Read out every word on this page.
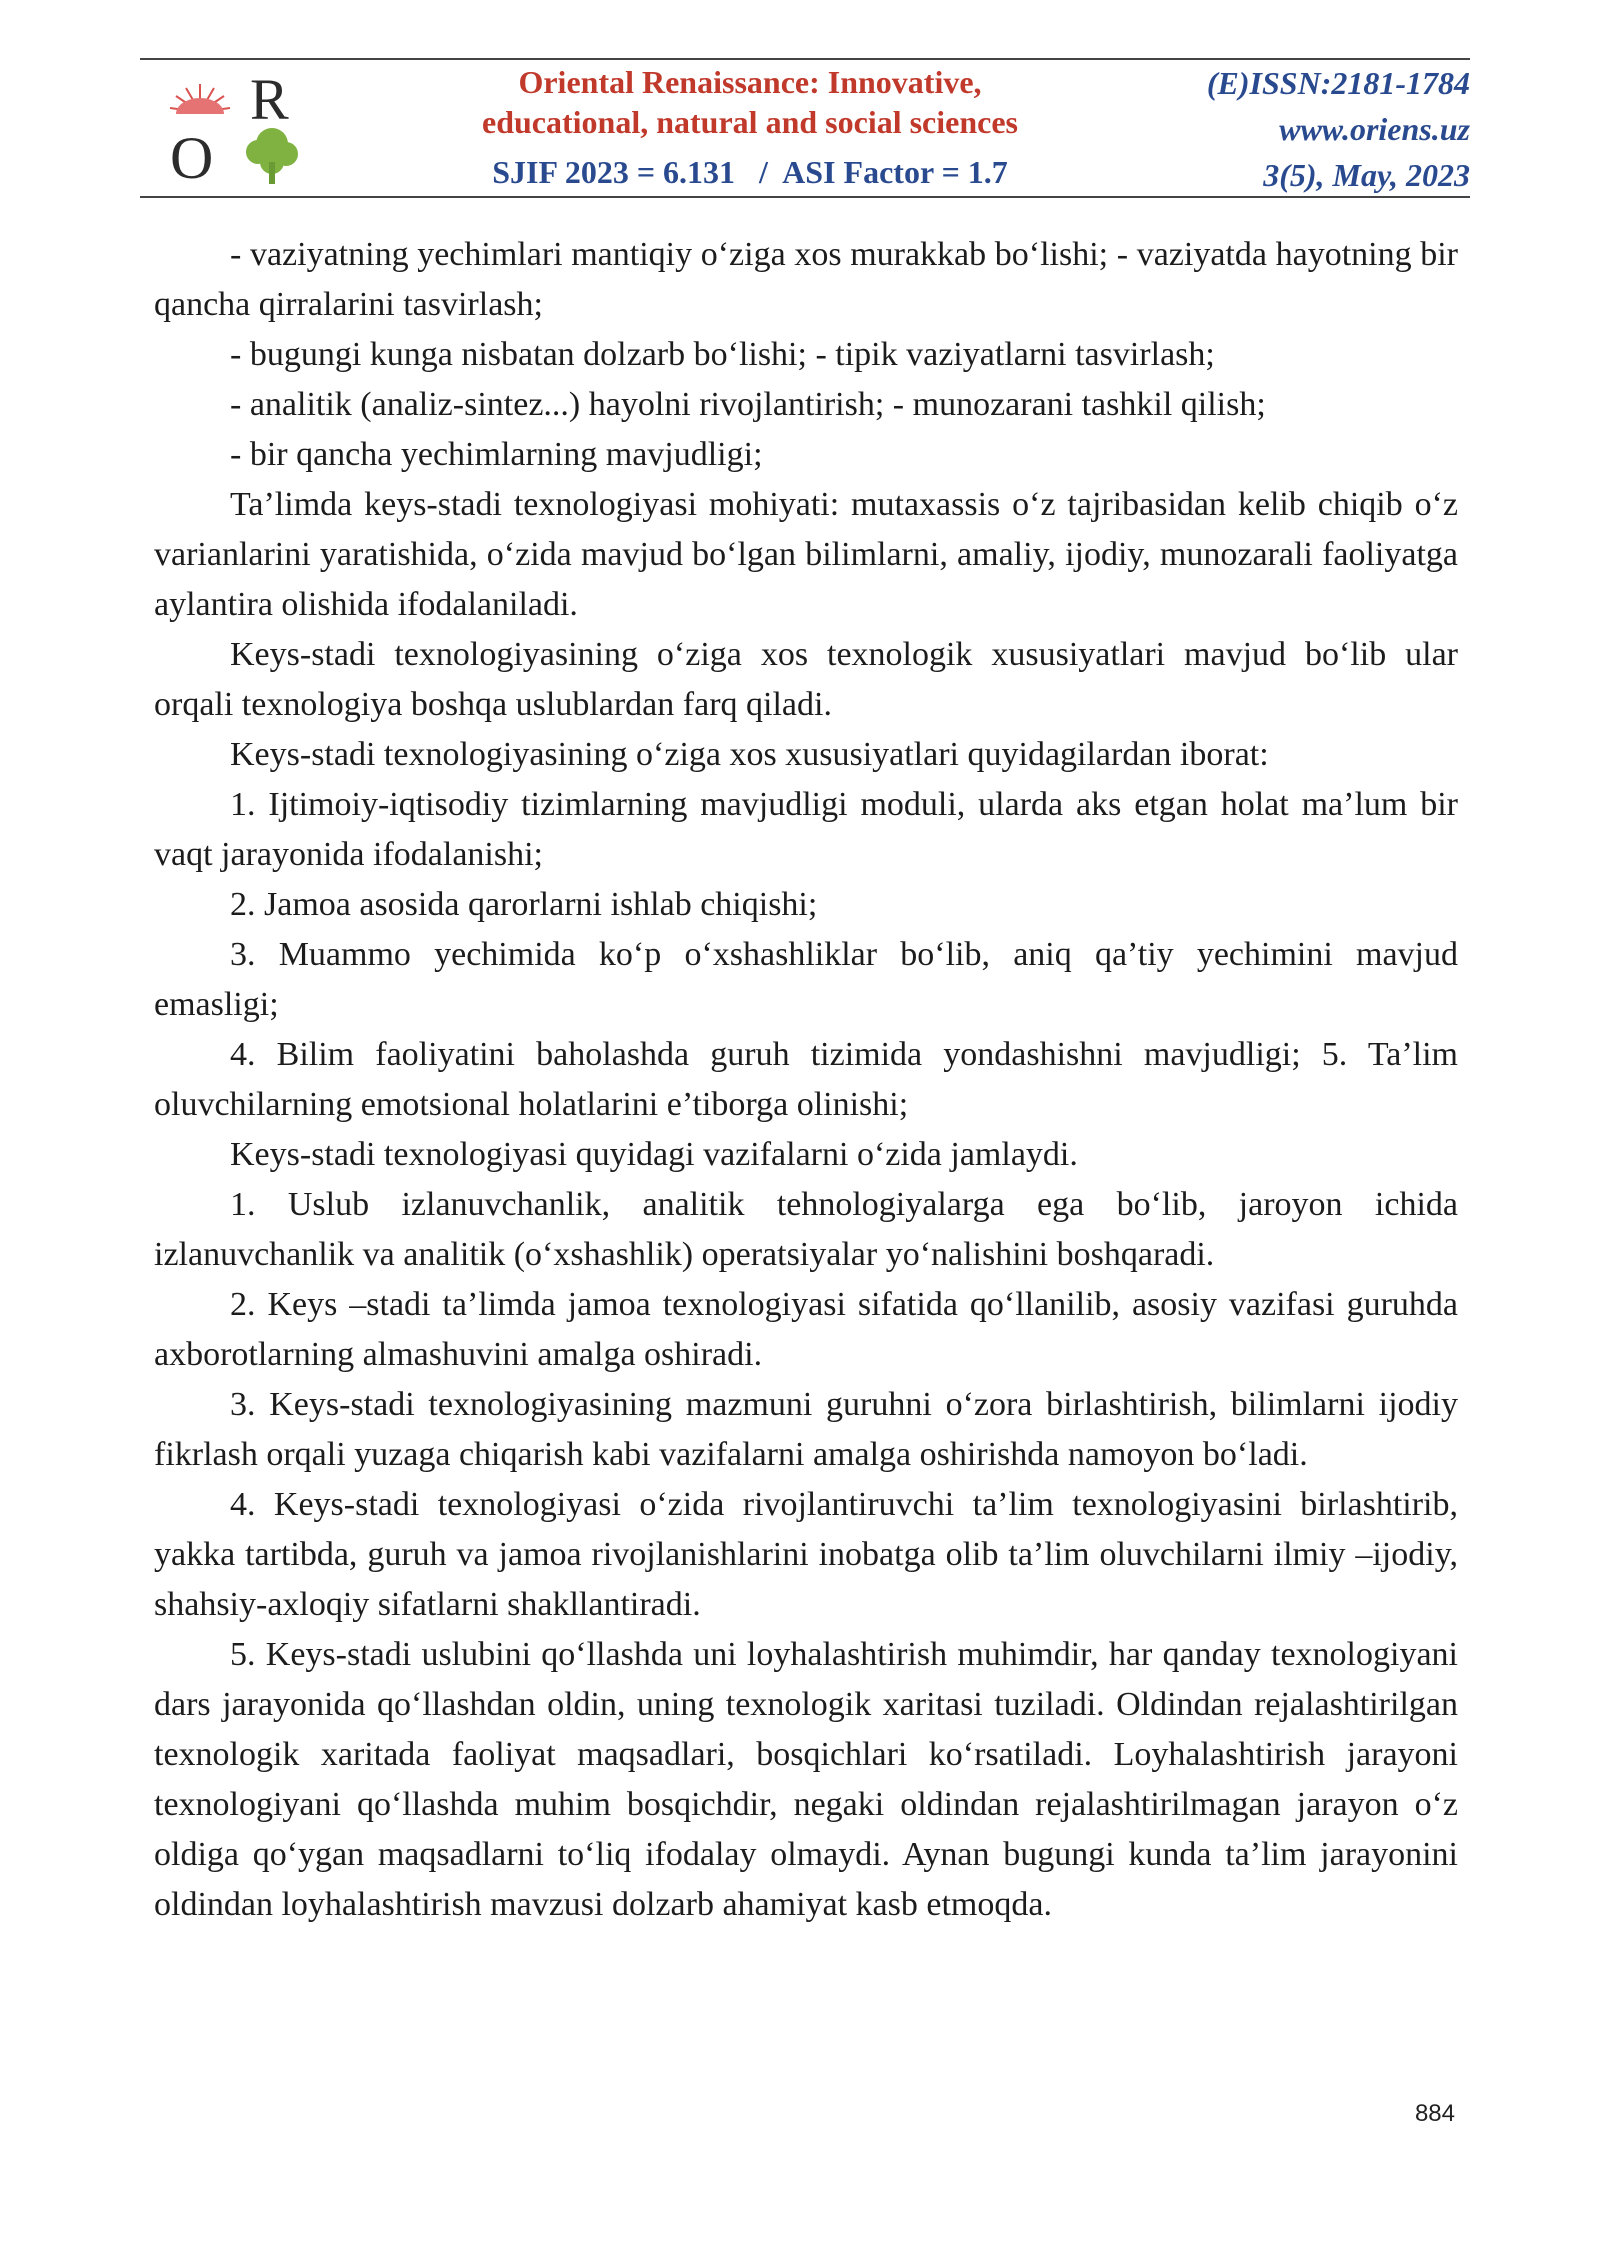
R
O
Oriental Renaissance: Innovative,
educational, natural and social sciences
SJIF 2023 = 6.131   /  ASI Factor = 1.7
(E)ISSN:2181-1784
www.oriens.uz
3(5), May, 2023

- vaziyatning yechimlari mantiqiy o‘ziga xos murakkab bo‘lishi; - vaziyatda hayotning bir qancha qirralarini tasvirlash;

- bugungi kunga nisbatan dolzarb bo‘lishi; - tipik vaziyatlarni tasvirlash;

- analitik (analiz-sintez...) hayolni rivojlantirish; - munozarani tashkil qilish;

- bir qancha yechimlarning mavjudligi;

Ta’limda keys-stadi texnologiyasi mohiyati: mutaxassis o‘z tajribasidan kelib chiqib o‘z varianlarini yaratishida, o‘zida mavjud bo‘lgan bilimlarni, amaliy, ijodiy, munozarali faoliyatga aylantira olishida ifodalaniladi.

Keys-stadi texnologiyasining o‘ziga xos texnologik xususiyatlari mavjud bo‘lib ular orqali texnologiya boshqa uslublardan farq qiladi.

Keys-stadi texnologiyasining o‘ziga xos xususiyatlari quyidagilardan iborat:

1. Ijtimoiy-iqtisodiy tizimlarning mavjudligi moduli, ularda aks etgan holat ma’lum bir vaqt jarayonida ifodalanishi;

2. Jamoa asosida qarorlarni ishlab chiqishi;

3. Muammo yechimida ko‘p o‘xshashliklar bo‘lib, aniq qa’tiy yechimini mavjud emasligi;

4. Bilim faoliyatini baholashda guruh tizimida yondashishni mavjudligi; 5. Ta’lim oluvchilarning emotsional holatlarini e’tiborga olinishi;

Keys-stadi texnologiyasi quyidagi vazifalarni o‘zida jamlaydi.

1. Uslub izlanuvchanlik, analitik tehnologiyalarga ega bo‘lib, jaroyon ichida izlanuvchanlik va analitik (o‘xshashlik) operatsiyalar yo‘nalishini boshqaradi.

2. Keys –stadi ta’limda jamoa texnologiyasi sifatida qo‘llanilib, asosiy vazifasi guruhda axborotlarning almashuvini amalga oshiradi.

3. Keys-stadi texnologiyasining mazmuni guruhni o‘zora birlashtirish, bilimlarni ijodiy fikrlash orqali yuzaga chiqarish kabi vazifalarni amalga oshirishda namoyon bo‘ladi.

4. Keys-stadi texnologiyasi o‘zida rivojlantiruvchi ta’lim texnologiyasini birlashtirib, yakka tartibda, guruh va jamoa rivojlanishlarini inobatga olib ta’lim oluvchilarni ilmiy –ijodiy, shahsiy-axloqiy sifatlarni shakllantiradi.

5. Keys-stadi uslubini qo‘llashda uni loyhalashtirish muhimdir, har qanday texnologiyani dars jarayonida qo‘llashdan oldin, uning texnologik xaritasi tuziladi. Oldindan rejalashtirilgan texnologik xaritada faoliyat maqsadlari, bosqichlari ko‘rsatiladi. Loyhalashtirish jarayoni texnologiyani qo‘llashda muhim bosqichdir, negaki oldindan rejalashtirilmagan jarayon o‘z oldiga qo‘ygan maqsadlarni to‘liq ifodalay olmaydi. Aynan bugungi kunda ta’lim jarayonini oldindan loyhalashtirish mavzusi dolzarb ahamiyat kasb etmoqda.

884
